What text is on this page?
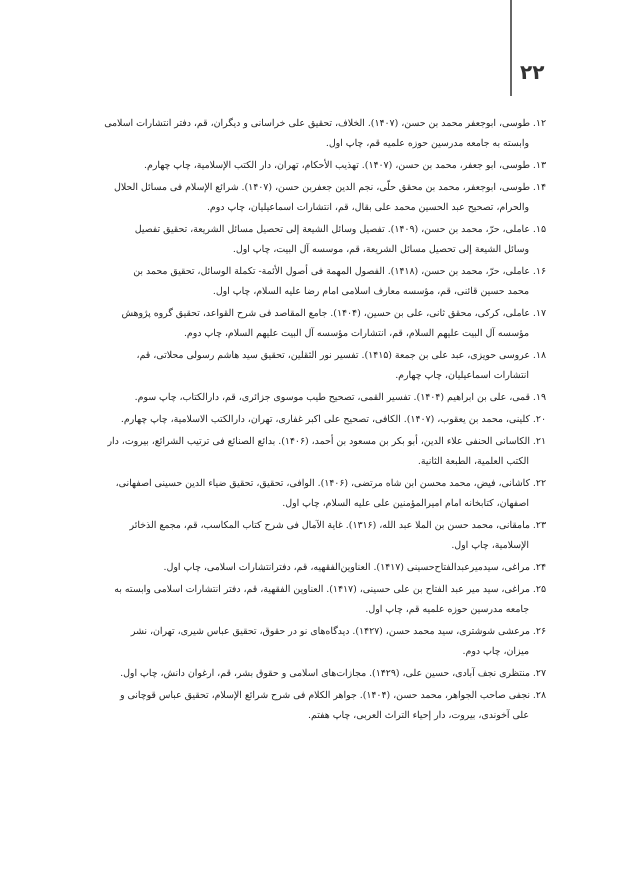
۲۲
۱۲. طوسی، ابوجعفر محمد بن حسن، (۱۴۰۷). الخلاف، تحقیق علی خراسانی و دیگران، قم، دفتر انتشارات اسلامی
وابسته به جامعه مدرسین حوزه علمیه قم، چاپ اول.
۱۳. طوسی، ابو جعفر، محمد بن حسن، (۱۴۰۷). تهذیب الأحکام، تهران، دار الکتب الإسلامیة، چاپ چهارم.
۱۴. طوسی، ابوجعفر، محمد بن محقق حلّی، نجم الدین جعفربن حسن، (۱۴۰۷). شرائع الإسلام فی مسائل الحلال
والحرام، تصحیح عبد الحسین محمد علی بقال، قم، انتشارات اسماعیلیان، چاپ دوم.
۱۵. عاملی، حرّ، محمد بن حسن، (۱۴۰۹). تفصیل وسائل الشیعة إلی تحصیل مسائل الشریعة، تحقیق تفصیل
وسائل الشیعة إلی تحصیل مسائل الشریعة، قم، موسسه آل البیت، چاپ اول.
۱۶. عاملی، حرّ، محمد بن حسن، (۱۴۱۸). الفصول المهمة فی أصول الأئمة- تکملة الوسائل، تحقیق محمد بن
محمد حسین قائنی، قم، مؤسسه معارف اسلامی امام رضا علیه السلام، چاپ اول.
۱۷. عاملی، کرکی، محقق ثانی، علی بن حسین، (۱۴۰۴). جامع المقاصد فی شرح القواعد، تحقیق گروه پژوهش
مؤسسه آل البیت علیهم السلام، قم، انتشارات مؤسسه آل البیت علیهم السلام، چاپ دوم.
۱۸. عروسی حویزی، عبد علی بن جمعة (۱۴۱۵). تفسیر نور الثقلین، تحقیق سید هاشم رسولی محلاتی، قم،
انتشارات اسماعیلیان، چاپ چهارم.
۱۹. قمی، علی بن ابراهیم (۱۴۰۴). تفسیر القمی، تصحیح طیب موسوی جزائری، قم، دارالکتاب، چاپ سوم.
۲۰. کلینی، محمد بن یعقوب، (۱۴۰۷). الکافی، تصحیح علی اکبر غفاری، تهران، دارالکتب الاسلامیة، چاپ چهارم.
۲۱. الکاسانی الحنفی علاء الدین، أبو بکر بن مسعود بن أحمد، (۱۴۰۶). بدائع الصنائع فی ترتیب الشرائع، بیروت، دار
الکتب العلمیة، الطبعة الثانیة.
۲۲. کاشانی، فیض، محمد محسن ابن شاه مرتضی، (۱۴۰۶). الوافی، تحقیق، تحقیق ضیاء الدین حسینی اصفهانی،
اصفهان، کتابخانه امام امیرالمؤمنین علی علیه السلام، چاپ اول.
۲۳. مامقانی، محمد حسن بن الملا عبد الله، (۱۳۱۶). غایة الآمال فی شرح کتاب المکاسب، قم، مجمع الذخائر
الإسلامیة، چاپ اول.
۲۴. مراغی، سیدمیرعبدالفتاح‌حسینی (۱۴۱۷). العناوین‌الفقهیه، قم، دفترانتشارات اسلامی، چاپ اول.
۲۵. مراغی، سید میر عبد الفتاح بن علی حسینی، (۱۴۱۷). العناوین الفقهیة، قم، دفتر انتشارات اسلامی وابسته به
جامعه مدرسین حوزه علمیه قم، چاپ اول.
۲۶. مرعشی شوشتری، سید محمد حسن، (۱۴۲۷). دیدگاه‌های نو در حقوق، تحقیق عباس شیری، تهران، نشر
میزان، چاپ دوم.
۲۷. منتظری نجف آبادی، حسین علی، (۱۴۲۹). مجازات‌های اسلامی و حقوق بشر، قم، ارغوان دانش، چاپ اول.
۲۸. نجفی صاحب الجواهر، محمد حسن، (۱۴۰۴). جواهر الکلام فی شرح شرائع الإسلام، تحقیق عباس قوچانی و
علی آخوندی، بیروت، دار إحیاء التراث العربی، چاپ هفتم.
